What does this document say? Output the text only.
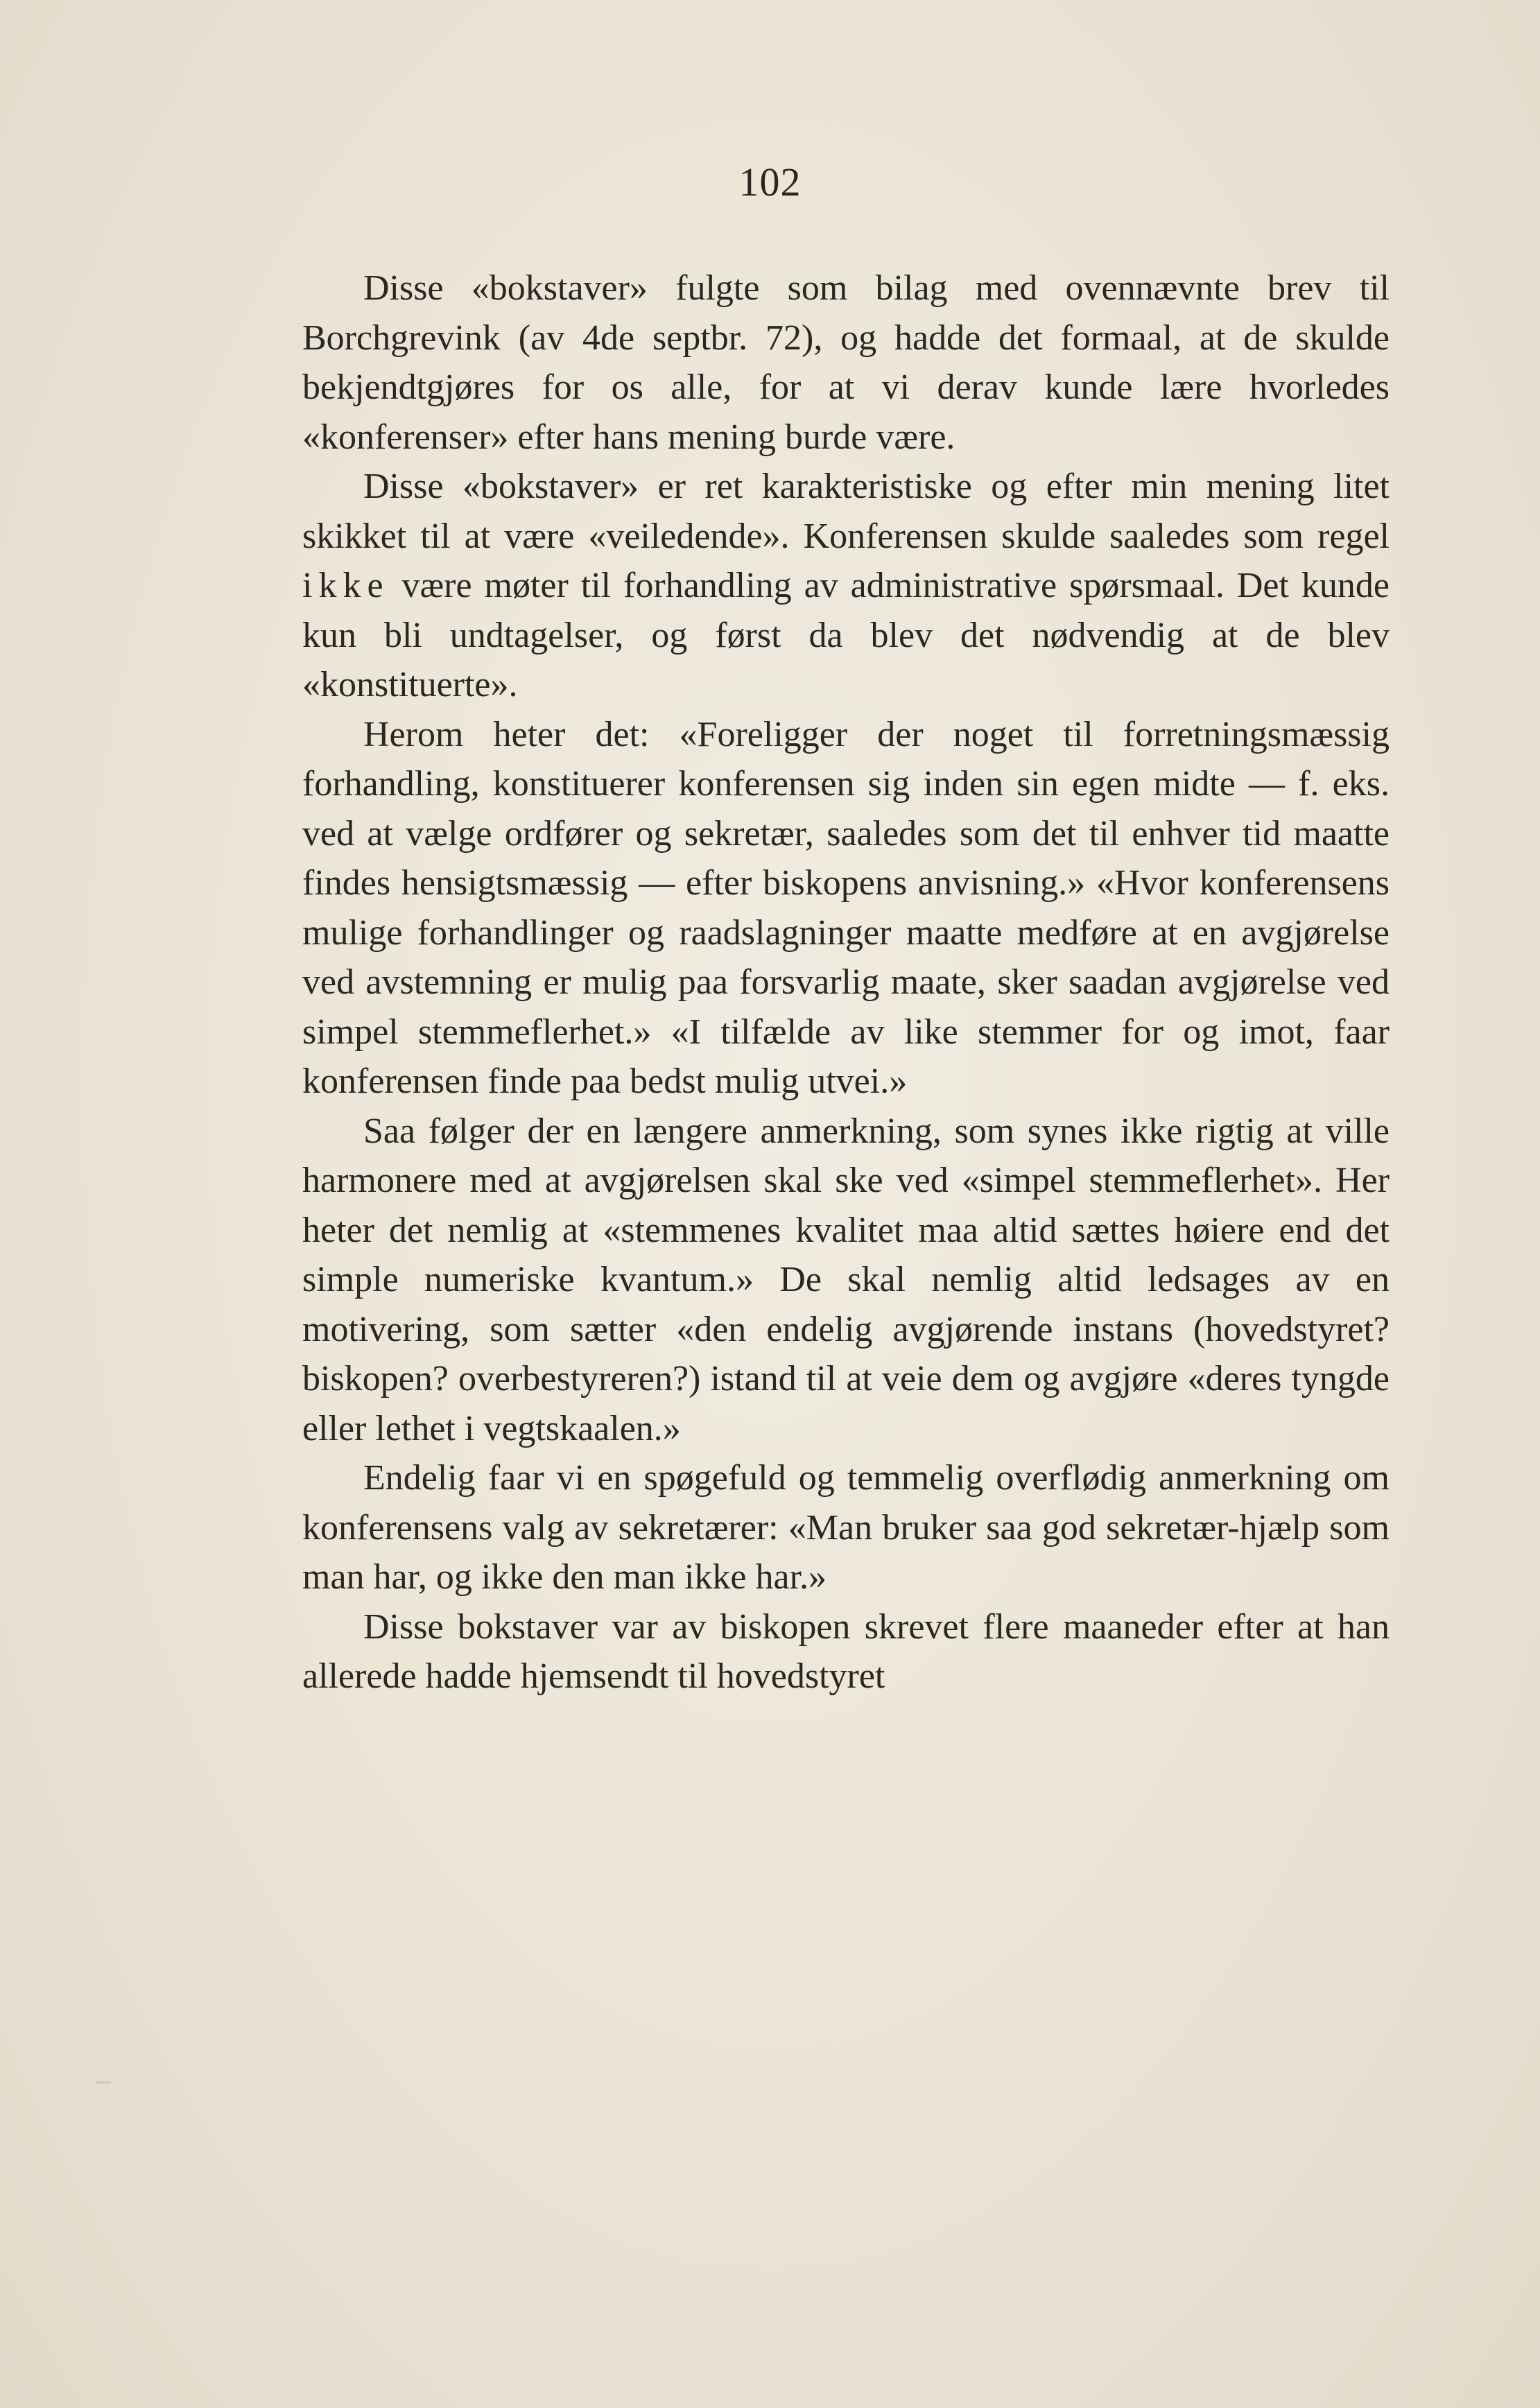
102

Disse «bokstaver» fulgte som bilag med ovennævnte brev til Borchgrevink (av 4de septbr. 72), og hadde det formaal, at de skulde bekjendtgjøres for os alle, for at vi derav kunde lære hvorledes «konferenser» efter hans mening burde være.

Disse «bokstaver» er ret karakteristiske og efter min mening litet skikket til at være «veiledende». Konferensen skulde saaledes som regel ikke være møter til forhandling av administrative spørsmaal. Det kunde kun bli undtagelser, og først da blev det nødvendig at de blev «konstituerte».

Herom heter det: «Foreligger der noget til forretningsmæssig forhandling, konstituerer konferensen sig inden sin egen midte — f. eks. ved at vælge ordfører og sekretær, saaledes som det til enhver tid maatte findes hensigtsmæssig — efter biskopens anvisning.» «Hvor konferensens mulige forhandlinger og raadslagninger maatte medføre at en avgjørelse ved avstemning er mulig paa forsvarlig maate, sker saadan avgjørelse ved simpel stemmeflerhet.» «I tilfælde av like stemmer for og imot, faar konferensen finde paa bedst mulig utvei.»

Saa følger der en længere anmerkning, som synes ikke rigtig at ville harmonere med at avgjørelsen skal ske ved «simpel stemmeflerhet». Her heter det nemlig at «stemmenes kvalitet maa altid sættes høiere end det simple numeriske kvantum.» De skal nemlig altid ledsages av en motivering, som sætter «den endelig avgjørende instans (hovedstyret? biskopen? overbestyreren?) istand til at veie dem og avgjøre «deres tyngde eller lethet i vegtskaalen.»

Endelig faar vi en spøgefuld og temmelig overflødig anmerkning om konferensens valg av sekretærer: «Man bruker saa god sekretær-hjælp som man har, og ikke den man ikke har.»

Disse bokstaver var av biskopen skrevet flere maaneder efter at han allerede hadde hjemsendt til hovedstyret
